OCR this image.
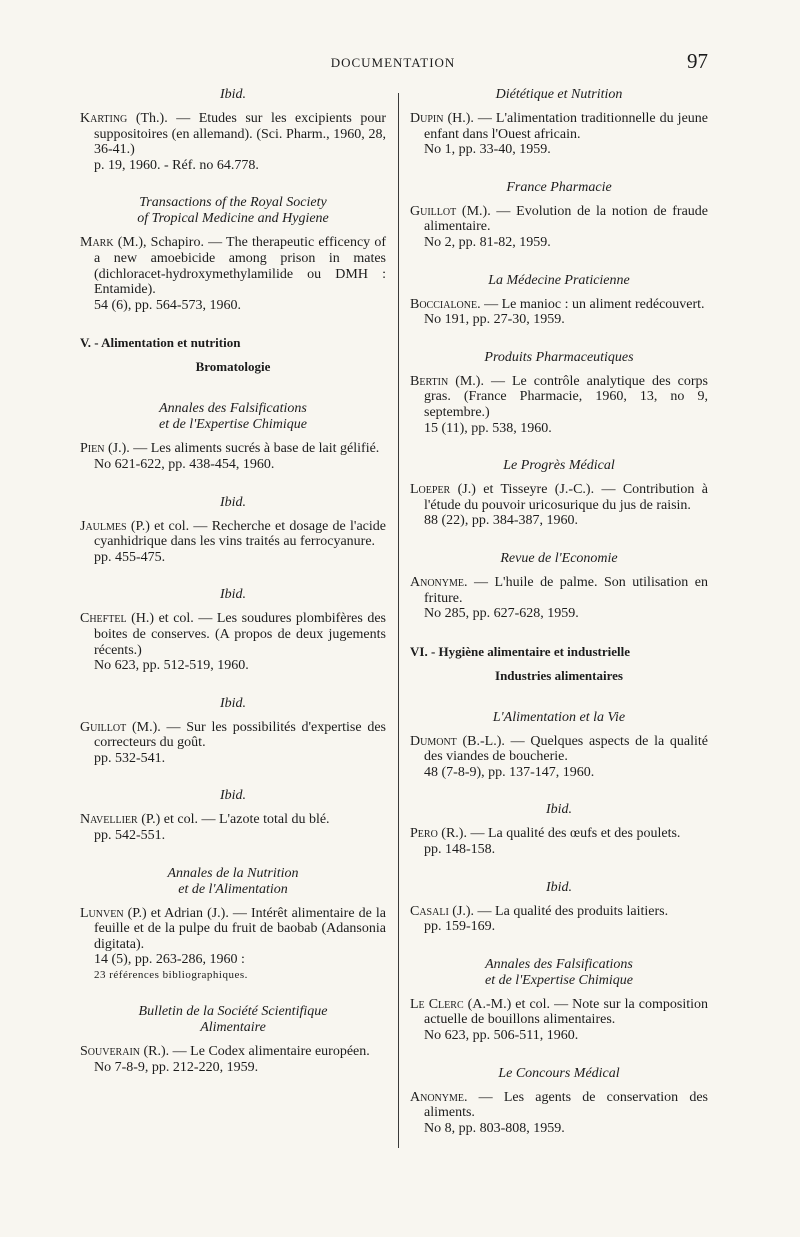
DOCUMENTATION	97
Ibid.
Karting (Th.). — Etudes sur les excipients pour suppositoires (en allemand). (Sci. Pharm., 1960, 28, 36-41.)
p. 19, 1960. - Réf. no 64.778.
Transactions of the Royal Society
of Tropical Medicine and Hygiene
Mark (M.), Schapiro. — The therapeutic efficency of a new amoebicide among prison in mates (dichloracet-hydroxymethylamilide ou DMH : Entamide).
54 (6), pp. 564-573, 1960.
V. - Alimentation et nutrition
Bromatologie
Annales des Falsifications
et de l'Expertise Chimique
Pien (J.). — Les aliments sucrés à base de lait gélifié.
No 621-622, pp. 438-454, 1960.
Ibid.
Jaulmes (P.) et col. — Recherche et dosage de l'acide cyanhidrique dans les vins traités au ferrocyanure.
pp. 455-475.
Ibid.
Cheftel (H.) et col. — Les soudures plombifères des boites de conserves. (A propos de deux jugements récents.)
No 623, pp. 512-519, 1960.
Ibid.
Guillot (M.). — Sur les possibilités d'expertise des correcteurs du goût.
pp. 532-541.
Ibid.
Navellier (P.) et col. — L'azote total du blé.
pp. 542-551.
Annales de la Nutrition
et de l'Alimentation
Lunven (P.) et Adrian (J.). — Intérêt alimentaire de la feuille et de la pulpe du fruit de baobab (Adansonia digitata).
14 (5), pp. 263-286, 1960 :
23 références bibliographiques.
Bulletin de la Société Scientifique
Alimentaire
Souverain (R.). — Le Codex alimentaire européen.
No 7-8-9, pp. 212-220, 1959.
Diététique et Nutrition
Dupin (H.). — L'alimentation traditionnelle du jeune enfant dans l'Ouest africain.
No 1, pp. 33-40, 1959.
France Pharmacie
Guillot (M.). — Evolution de la notion de fraude alimentaire.
No 2, pp. 81-82, 1959.
La Médecine Praticienne
Boccialone. — Le manioc : un aliment redécouvert.
No 191, pp. 27-30, 1959.
Produits Pharmaceutiques
Bertin (M.). — Le contrôle analytique des corps gras. (France Pharmacie, 1960, 13, no 9, septembre.)
15 (11), pp. 538, 1960.
Le Progrès Médical
Loeper (J.) et Tisseyre (J.-C.). — Contribution à l'étude du pouvoir uricosurique du jus de raisin.
88 (22), pp. 384-387, 1960.
Revue de l'Economie
Anonyme. — L'huile de palme. Son utilisation en friture.
No 285, pp. 627-628, 1959.
VI. - Hygiène alimentaire et industrielle
Industries alimentaires
L'Alimentation et la Vie
Dumont (B.-L.). — Quelques aspects de la qualité des viandes de boucherie.
48 (7-8-9), pp. 137-147, 1960.
Ibid.
Pero (R.). — La qualité des œufs et des poulets.
pp. 148-158.
Ibid.
Casali (J.). — La qualité des produits laitiers.
pp. 159-169.
Annales des Falsifications
et de l'Expertise Chimique
Le Clerc (A.-M.) et col. — Note sur la composition actuelle de bouillons alimentaires.
No 623, pp. 506-511, 1960.
Le Concours Médical
Anonyme. — Les agents de conservation des aliments.
No 8, pp. 803-808, 1959.
